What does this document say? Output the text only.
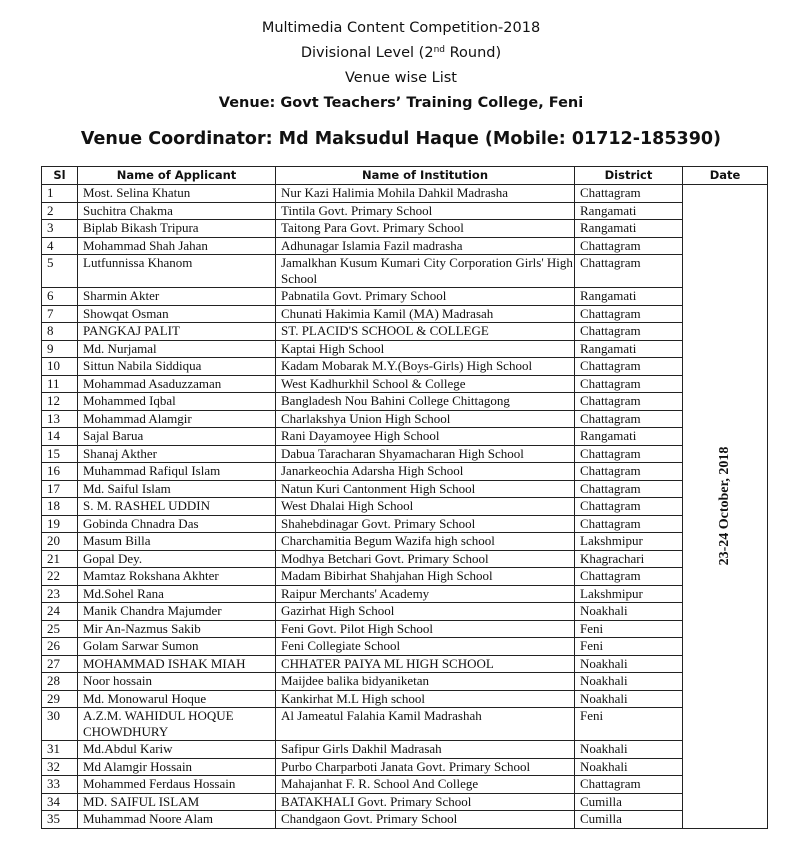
Multimedia Content Competition-2018
Divisional Level (2nd Round)
Venue wise List
Venue: Govt Teachers’ Training College, Feni
Venue Coordinator: Md Maksudul Haque (Mobile: 01712-185390)
Sl	Name of Applicant	Name of Institution	District	Date
1	Most. Selina Khatun	Nur Kazi Halimia Mohila Dahkil Madrasha	Chattagram	23-24 October, 2018

2	Suchitra Chakma	Tintila Govt. Primary School	Rangamati	
3	Biplab Bikash Tripura	Taitong Para Govt. Primary School	Rangamati	
4	Mohammad Shah Jahan	Adhunagar Islamia Fazil madrasha	Chattagram	
5	Lutfunnissa Khanom	Jamalkhan Kusum Kumari City Corporation Girls' High School	Chattagram	
6	Sharmin Akter	Pabnatila Govt. Primary School	Rangamati	
7	Showqat Osman	Chunati Hakimia Kamil (MA) Madrasah	Chattagram	
8	PANGKAJ PALIT	ST. PLACID'S SCHOOL & COLLEGE	Chattagram	
9	Md. Nurjamal	Kaptai High School	Rangamati	
10	Sittun Nabila Siddiqua	Kadam Mobarak M.Y.(Boys-Girls) High School	Chattagram	
11	Mohammad Asaduzzaman	West Kadhurkhil School & College	Chattagram	
12	Mohammed Iqbal	Bangladesh Nou Bahini College Chittagong	Chattagram	
13	Mohammad Alamgir	Charlakshya Union High School	Chattagram	
14	Sajal Barua	Rani Dayamoyee High School	Rangamati	
15	Shanaj Akther	Dabua Taracharan Shyamacharan High School	Chattagram	
16	Muhammad Rafiqul Islam	Janarkeochia Adarsha High School	Chattagram	
17	Md. Saiful Islam	Natun Kuri Cantonment High School	Chattagram	
18	S. M. RASHEL UDDIN	West Dhalai High School	Chattagram	
19	Gobinda Chnadra Das	Shahebdinagar Govt. Primary School	Chattagram	
20	Masum Billa	Charchamitia Begum Wazifa high school	Lakshmipur	
21	Gopal Dey.	Modhya Betchari Govt. Primary School	Khagrachari	
22	Mamtaz Rokshana Akhter	Madam Bibirhat Shahjahan High School	Chattagram	
23	Md.Sohel Rana	Raipur Merchants' Academy	Lakshmipur	
24	Manik Chandra Majumder	Gazirhat High School	Noakhali	
25	Mir An-Nazmus Sakib	Feni Govt. Pilot High School	Feni	
26	Golam Sarwar Sumon	Feni Collegiate School	Feni	
27	MOHAMMAD ISHAK MIAH	CHHATER PAIYA ML HIGH SCHOOL	Noakhali	
28	Noor hossain	Maijdee balika bidyaniketan	Noakhali	
29	Md. Monowarul Hoque	Kankirhat M.L High school	Noakhali	
30	A.Z.M. WAHIDUL HOQUE CHOWDHURY	Al Jameatul Falahia Kamil Madrashah	Feni	
31	Md.Abdul Kariw	Safipur Girls Dakhil Madrasah	Noakhali	
32	Md Alamgir Hossain	Purbo Charparboti Janata Govt. Primary School	Noakhali	
33	Mohammed Ferdaus Hossain	Mahajanhat F. R. School And College	Chattagram	
34	MD. SAIFUL ISLAM	BATAKHALI Govt. Primary School	Cumilla	
35	Muhammad Noore Alam	Chandgaon Govt. Primary School	Cumilla	
